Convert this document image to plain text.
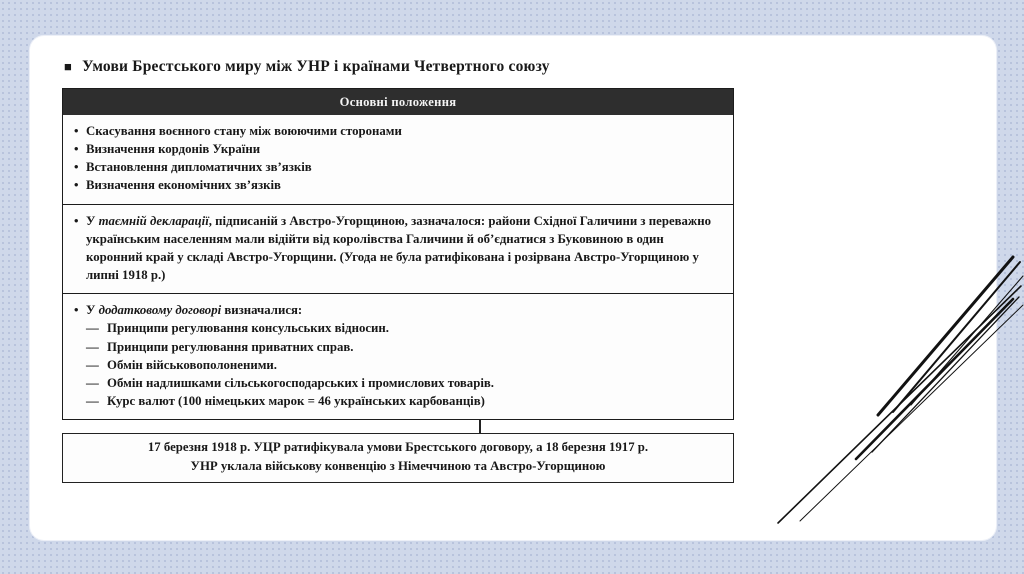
■ Умови Брестського миру між УНР і країнами Четвертного союзу
Основні положення
• Скасування воєнного стану між воюючими сторонами
• Визначення кордонів України
• Встановлення дипломатичних зв’язків
• Визначення економічних зв’язків
• У таємній декларації, підписаній з Австро-Угорщиною, зазначалося: райони Східної Галичини з переважно українським населенням мали відійти від королівства Галичини й об’єднатися з Буковиною в один коронний край у складі Австро-Угорщини. (Угода не була ратифікована і розірвана Австро-Угорщиною у липні 1918 р.)
• У додатковому договорі визначалися:
— Принципи регулювання консульських відносин.
— Принципи регулювання приватних справ.
— Обмін військовополоненими.
— Обмін надлишками сільськогосподарських і промислових товарів.
— Курс валют (100 німецьких марок = 46 українських карбованців)
17 березня 1918 р. УЦР ратифікувала умови Брестського договору, а 18 березня 1917 р.
УНР уклала військову конвенцію з Німеччиною та Австро-Угорщиною
